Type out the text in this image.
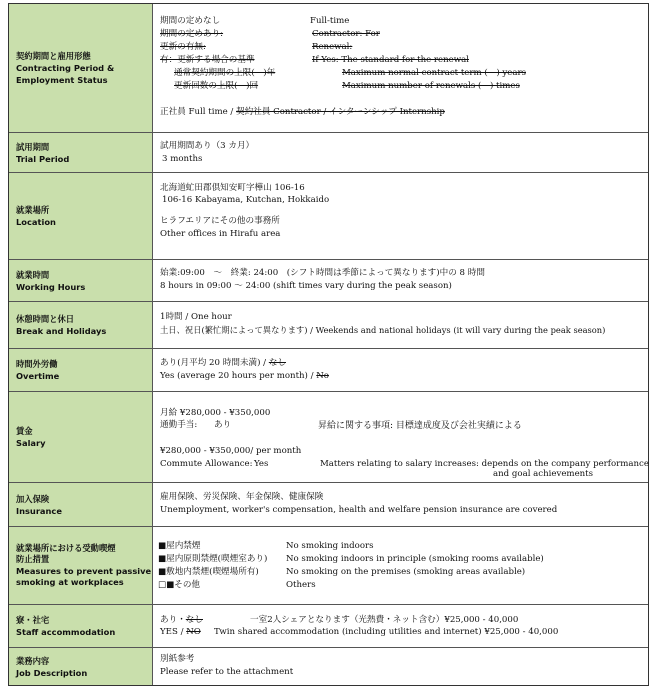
契約期間と雇用形態
Contracting Period &
Employment Status
期間の定めなし	Full-time
期間の定めあり:	Contractor: For
更新の有無:	Renewal:
有：更新する場合の基準	If Yes: The standard for the renewal
通常契約期間の上限(　)年	Maximum normal contract term (　) years
更新回数の上限(　)回	Maximum number of renewals (　) times
正社員 Full time / 契約社員 Contractor / インターンシップ Internship
試用期間
Trial Period
試用期間あり（3 カ月）
3 months
就業場所
Location
北海道虻田郡倶知安町字樺山 106-16
106-16 Kabayama, Kutchan, Hokkaido
ヒラフエリアにその他の事務所
Other offices in Hirafu area
就業時間
Working Hours
始業:09:00　～　終業: 24:00　(シフト時間は季節によって異なります)中の 8 時間
8 hours in 09:00 ～ 24:00 (shift times vary during the peak season)
休憩時間と休日
Break and Holidays
1時間 / One hour
土日、祝日(繁忙期によって異なります) / Weekends and national holidays (it will vary during the peak season)
時間外労働
Overtime
あり(月平均 20 時間未満) / なし
Yes (average 20 hours per month) / No
賃金
Salary
月給 ¥280,000 - ¥350,000
通勤手当: あり	昇給に関する事項: 目標達成度及び会社実績による
¥280,000 - ¥350,000/ per month
Commute Allowance: Yes	Matters relating to salary increases: depends on the company performance
and goal achievements
加入保険
Insurance
雇用保険、労災保険、年金保険、健康保険
Unemployment, worker's compensation, health and welfare pension insurance are covered
就業場所における受動喫煙
防止措置
Measures to prevent passive
smoking at workplaces
■屋内禁煙	No smoking indoors
■屋内原則禁煙(喫煙室あり) No smoking indoors in principle (smoking rooms available)
■敷地内禁煙(喫煙場所有)	No smoking on the premises (smoking areas available)
□■その他	Others
寮・社宅
Staff accommodation
あり・なし	一室2人シェアとなります（光熱費・ネット含む）¥25,000 - 40,000
YES / NO Twin shared accommodation (including utilities and internet) ¥25,000 - 40,000
業務内容
Job Description
別紙参考
Please refer to the attachment
